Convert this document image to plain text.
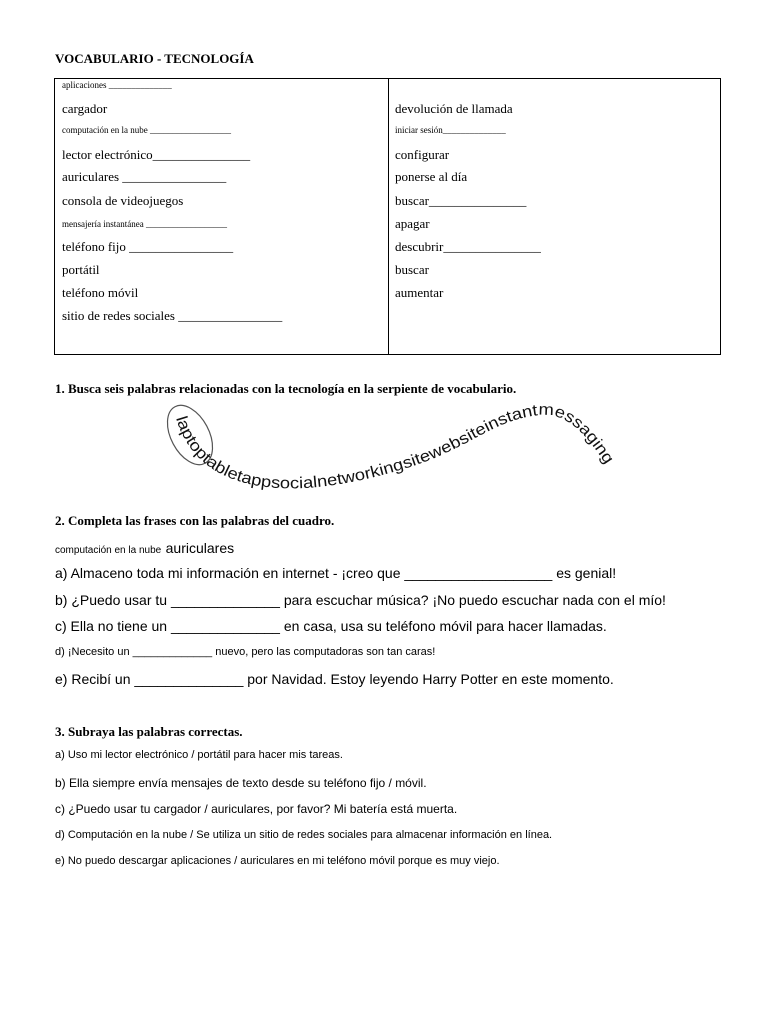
VOCABULARIO - TECNOLOGÍA
aplicaciones ______________
cargador
computación en la nube __________________
lector electrónico_______________
auriculares ________________
consola de videojuegos
mensajería instantánea __________________
teléfono fijo ________________
portátil
teléfono móvil
sitio de redes sociales ________________
devolución de llamada
iniciar sesión______________
configurar
ponerse al día
buscar_______________
apagar
descubrir_______________
buscar
aumentar
1. Busca seis palabras relacionadas con la tecnología en la serpiente de vocabulario.
laptoptabletappsocialnetworkingsitewebsiteinstantmessaging
2. Completa las frases con las palabras del cuadro.
computación en la nube auriculares
a) Almaceno toda mi información en internet - ¡creo que ___________________ es genial!
b) ¿Puedo usar tu ______________ para escuchar música? ¡No puedo escuchar nada con el mío!
c) Ella no tiene un ______________ en casa, usa su teléfono móvil para hacer llamadas.
d) ¡Necesito un _____________ nuevo, pero las computadoras son tan caras!
e) Recibí un ______________ por Navidad. Estoy leyendo Harry Potter en este momento.
3. Subraya las palabras correctas.
a) Uso mi lector electrónico / portátil para hacer mis tareas.
b) Ella siempre envía mensajes de texto desde su teléfono fijo / móvil.
c) ¿Puedo usar tu cargador / auriculares, por favor? Mi batería está muerta.
d) Computación en la nube / Se utiliza un sitio de redes sociales para almacenar información en línea.
e) No puedo descargar aplicaciones / auriculares en mi teléfono móvil porque es muy viejo.
